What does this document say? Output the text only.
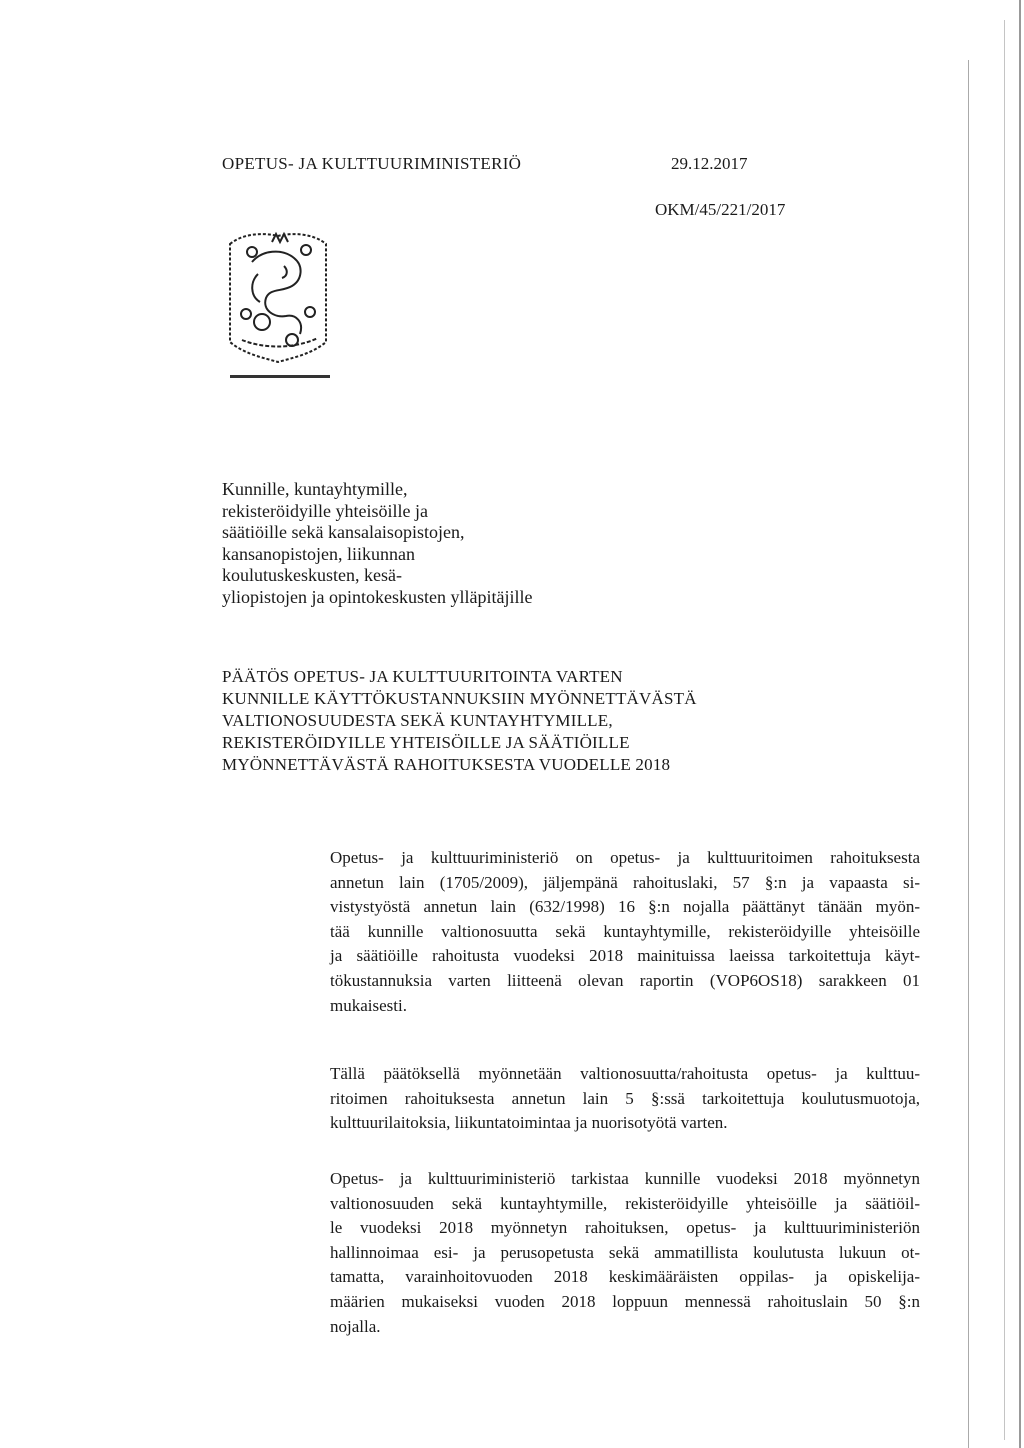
OPETUS- JA KULTTUURIMINISTERIÖ	29.12.2017
OKM/45/221/2017
Kunnille, kuntayhtymille,
rekisteröidyille yhteisöille ja
säätiöille sekä kansalaisopistojen,
kansanopistojen, liikunnan
koulutuskeskusten, kesä-
yliopistojen ja opintokeskusten ylläpitäjille
PÄÄTÖS OPETUS- JA KULTTUURITOINTA VARTEN
KUNNILLE KÄYTTÖKUSTANNUKSIIN MYÖNNETTÄVÄSTÄ
VALTIONOSUUDESTA SEKÄ KUNTAYHTYMILLE,
REKISTERÖIDYILLE YHTEISÖILLE JA SÄÄTIÖILLE
MYÖNNETTÄVÄSTÄ RAHOITUKSESTA VUODELLE 2018
Opetus- ja kulttuuriministeriö on opetus- ja kulttuuritoimen rahoituksesta
annetun lain (1705/2009), jäljempänä rahoituslaki, 57 §:n ja vapaasta si-
vistystyöstä annetun lain (632/1998) 16 §:n nojalla päättänyt tänään myön-
tää kunnille valtionosuutta sekä kuntayhtymille, rekisteröidyille yhteisöille
ja säätiöille rahoitusta vuodeksi 2018 mainituissa laeissa tarkoitettuja käyt-
tökustannuksia varten liitteenä olevan raportin (VOP6OS18) sarakkeen 01
mukaisesti.
Tällä päätöksellä myönnetään valtionosuutta/rahoitusta opetus- ja kulttuu-
ritoimen rahoituksesta annetun lain 5 §:ssä tarkoitettuja koulutusmuotoja,
kulttuurilaitoksia, liikuntatoimintaa ja nuorisotyötä varten.
Opetus- ja kulttuuriministeriö tarkistaa kunnille vuodeksi 2018 myönnetyn
valtionosuuden sekä kuntayhtymille, rekisteröidyille yhteisöille ja säätiöil-
le vuodeksi 2018 myönnetyn rahoituksen, opetus- ja kulttuuriministeriön
hallinnoimaa esi- ja perusopetusta sekä ammatillista koulutusta lukuun ot-
tamatta, varainhoitovuoden 2018 keskimääräisten oppilas- ja opiskelija-
määrien mukaiseksi vuoden 2018 loppuun mennessä rahoituslain 50 §:n
nojalla.
